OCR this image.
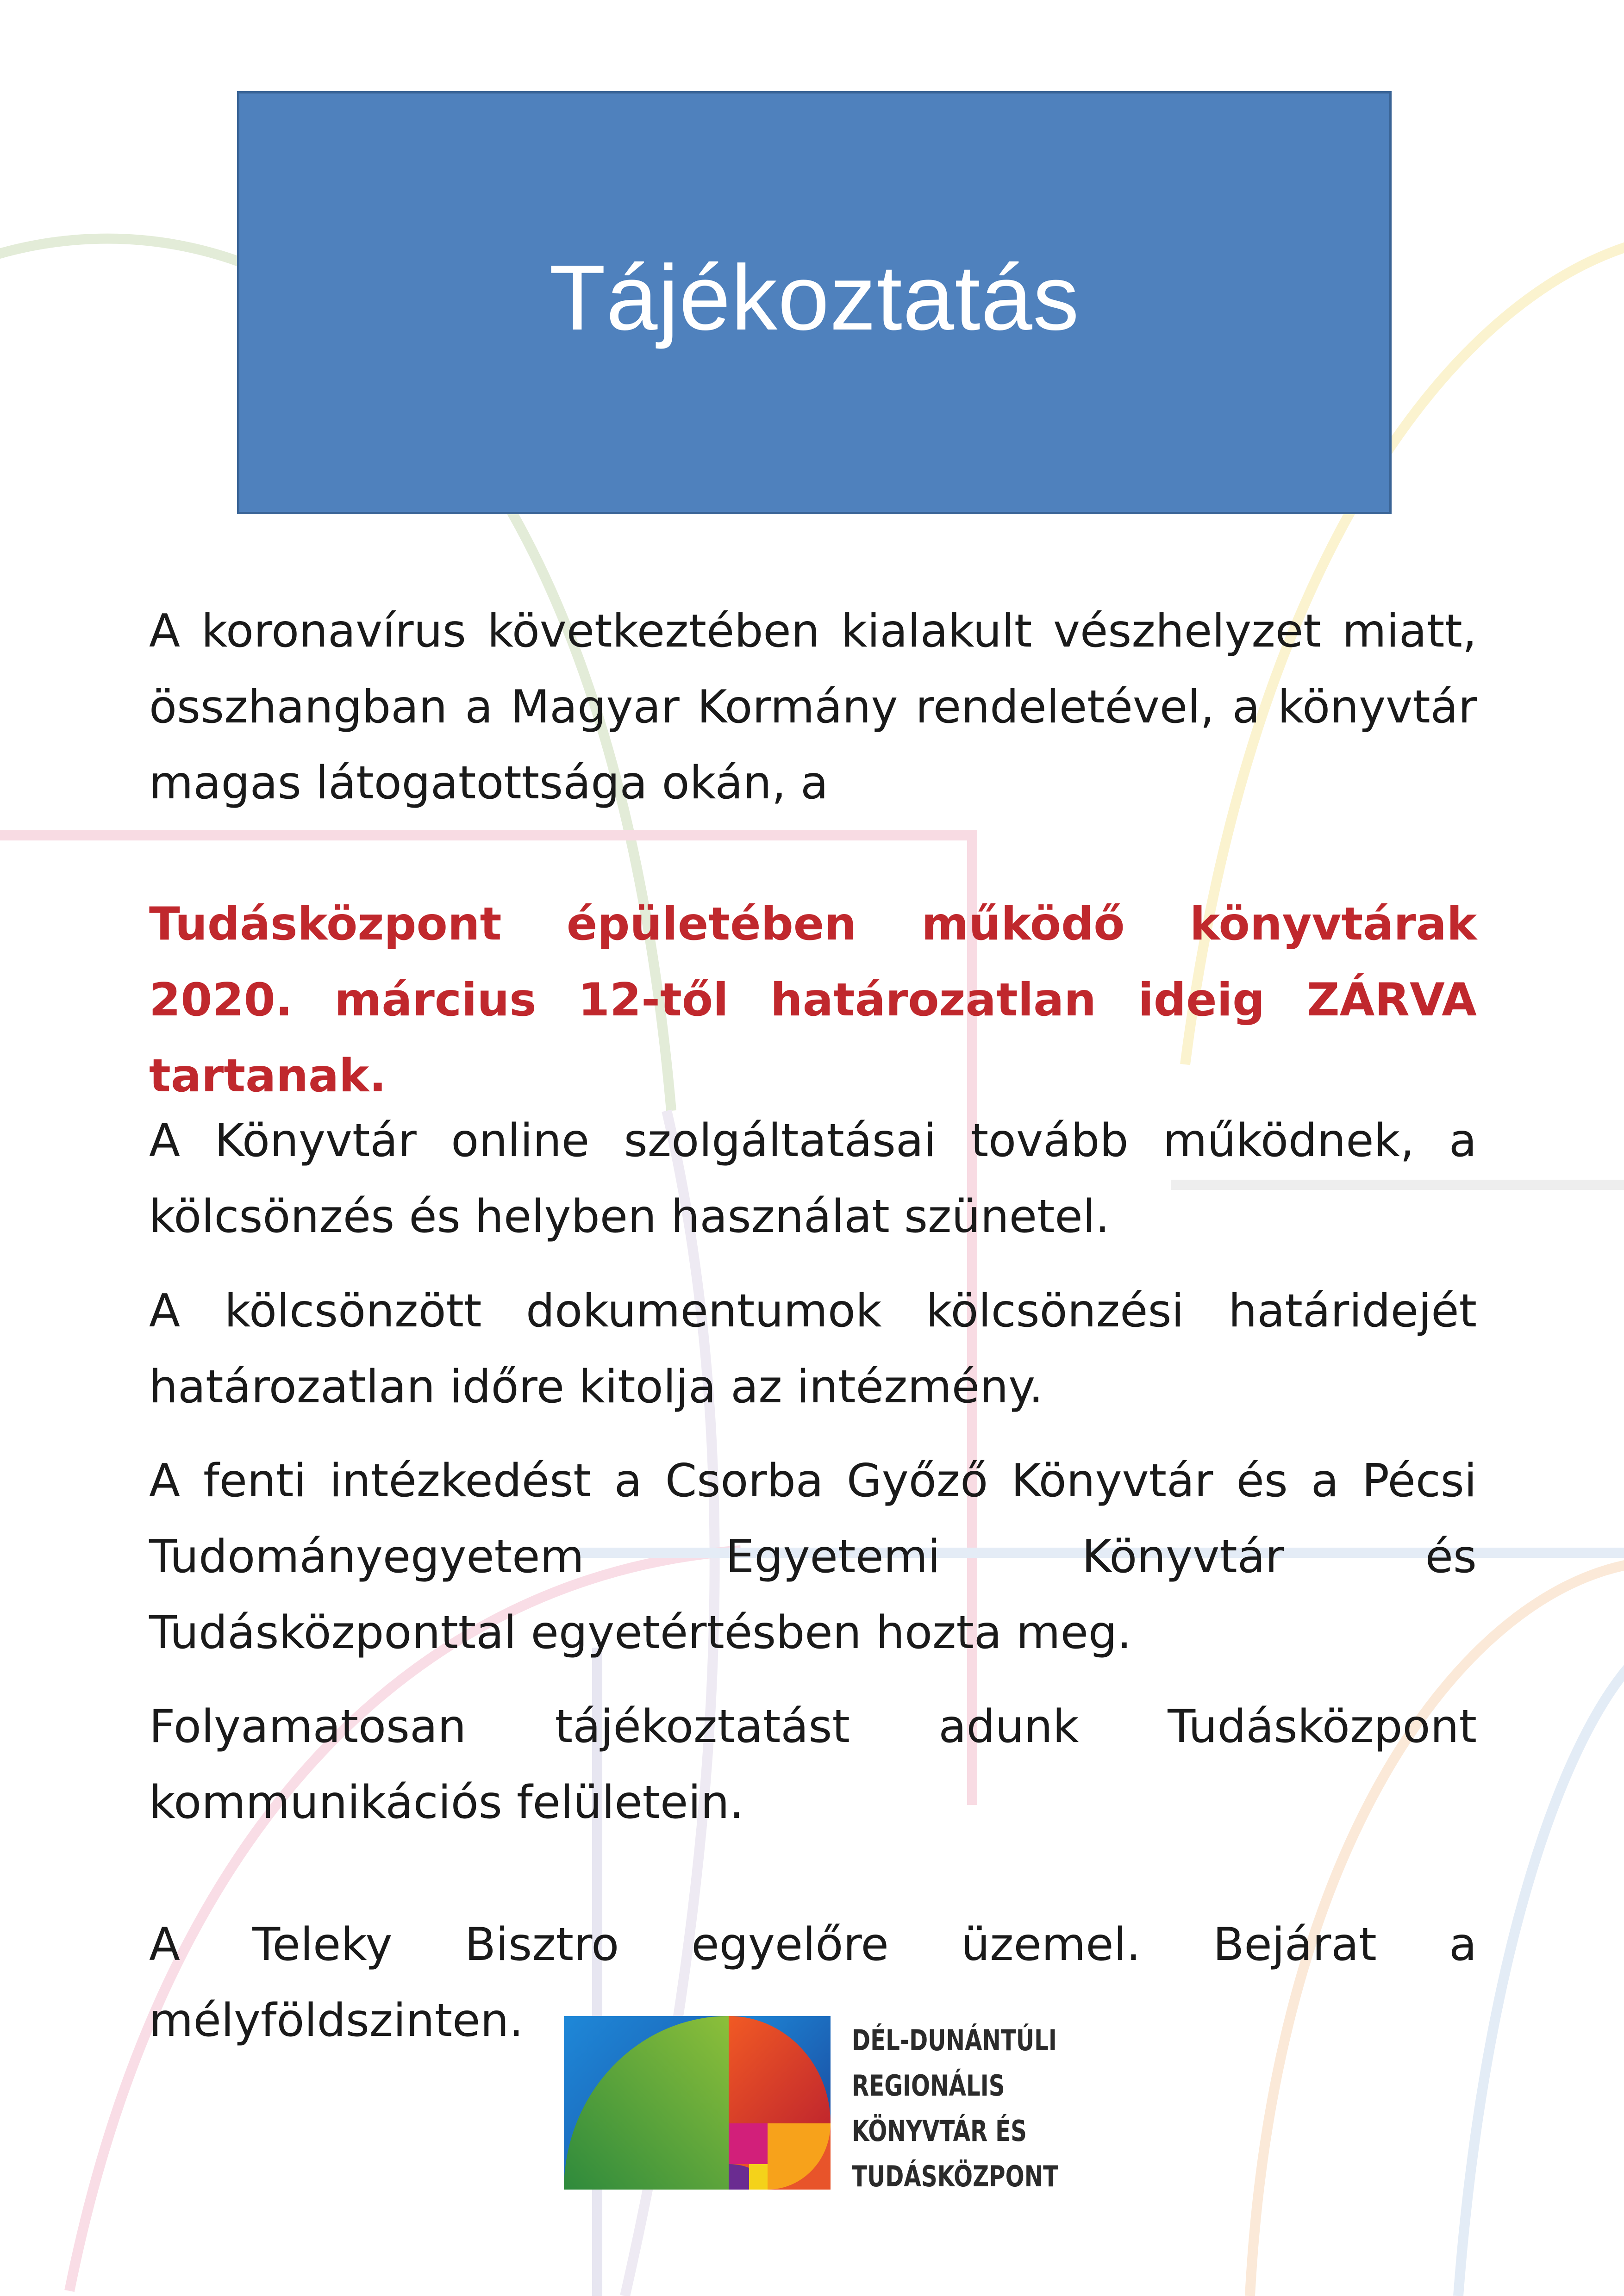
Tájékoztatás

A koronavírus következtében kialakult vészhelyzet miatt, összhangban a Magyar Kormány rendeletével, a könyvtár magas látogatottsága okán, a

Tudásközpont épületében működő könyvtárak 2020. március 12-től határozatlan ideig ZÁRVA tartanak.

A Könyvtár online szolgáltatásai tovább működnek, a kölcsönzés és helyben használat szünetel.

A kölcsönzött dokumentumok kölcsönzési határidejét határozatlan időre kitolja az intézmény.

A fenti intézkedést a Csorba Győző Könyvtár és a Pécsi Tudományegyetem Egyetemi Könyvtár és Tudásközponttal egyetértésben hozta meg.

Folyamatosan tájékoztatást adunk Tudásközpont kommunikációs felületein.

A Teleky Bisztro egyelőre üzemel. Bejárat a mélyföldszinten.	DÉL-DUNÁNTÚLI
REGIONÁLIS
KÖNYVTÁR ÉS
TUDÁSKÖZPONT
